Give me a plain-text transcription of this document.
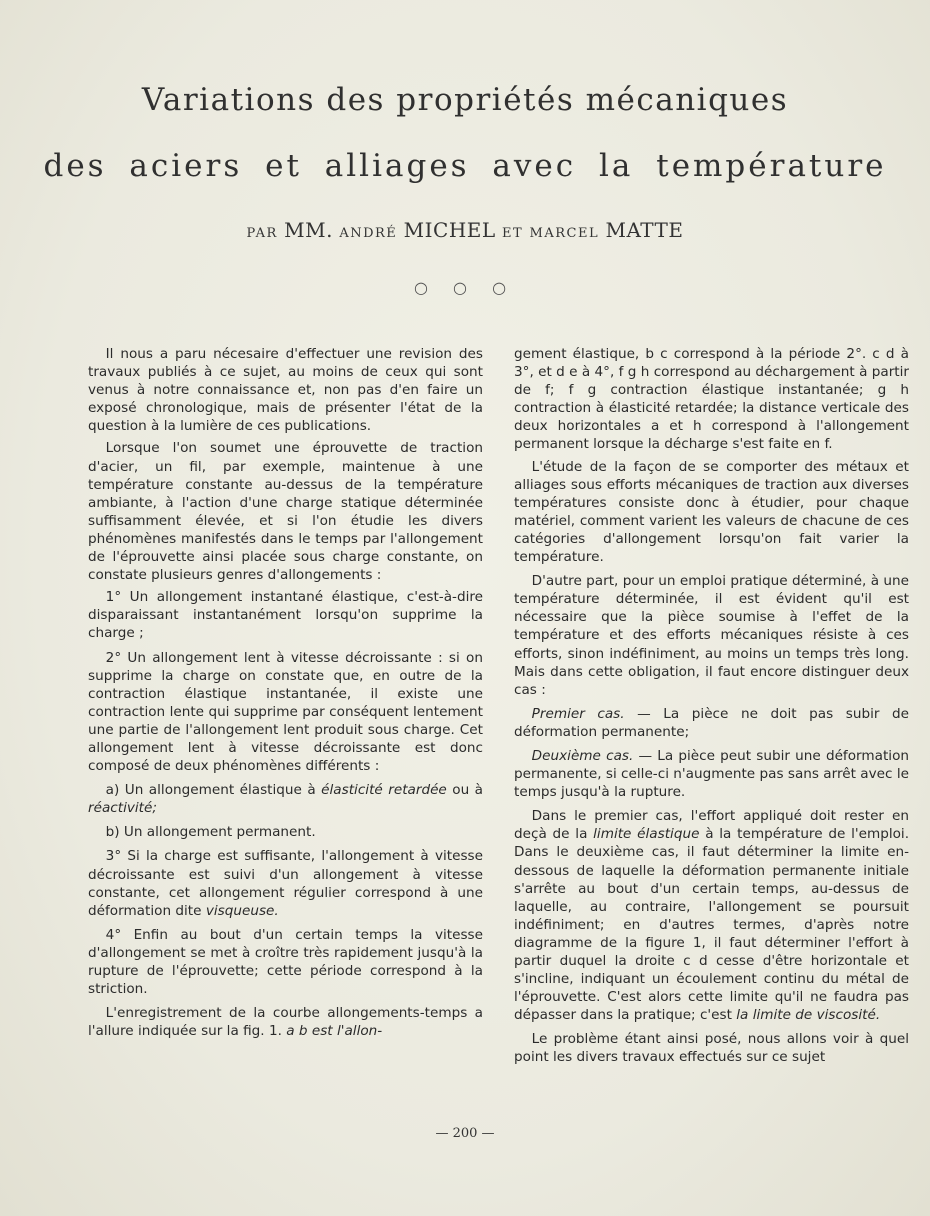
Variations des propriétés mécaniques
des aciers et alliages avec la température
PAR MM. ANDRÉ MICHEL ET MARCEL MATTE
○ ○ ○

Il nous a paru nécesaire d'effectuer une revision des travaux publiés à ce sujet, au moins de ceux qui sont venus à notre connaissance et, non pas d'en faire un exposé chronologique, mais de présenter l'état de la question à la lumière de ces publications.

Lorsque l'on soumet une éprouvette de traction d'acier, un fil, par exemple, maintenue à une température constante au-dessus de la température ambiante, à l'action d'une charge statique déterminée suffisamment élevée, et si l'on étudie les divers phénomènes manifestés dans le temps par l'allongement de l'éprouvette ainsi placée sous charge constante, on constate plusieurs genres d'allongements :

1° Un allongement instantané élastique, c'est-à-dire disparaissant instantanément lorsqu'on supprime la charge ;

2° Un allongement lent à vitesse décroissante : si on supprime la charge on constate que, en outre de la contraction élastique instantanée, il existe une contraction lente qui supprime par conséquent lentement une partie de l'allongement lent produit sous charge. Cet allongement lent à vitesse décroissante est donc composé de deux phénomènes différents :

a) Un allongement élastique à élasticité retardée ou à réactivité;

b) Un allongement permanent.

3° Si la charge est suffisante, l'allongement à vitesse décroissante est suivi d'un allongement à vitesse constante, cet allongement régulier correspond à une déformation dite visqueuse.

4° Enfin au bout d'un certain temps la vitesse d'allongement se met à croître très rapidement jusqu'à la rupture de l'éprouvette; cette période correspond à la striction.

L'enregistrement de la courbe allongements-temps a l'allure indiquée sur la fig. 1. a b est l'allon-

gement élastique, b c correspond à la période 2°. c d à 3°, et d e à 4°, f g h correspond au déchargement à partir de f; f g contraction élastique instantanée; g h contraction à élasticité retardée; la distance verticale des deux horizontales a et h correspond à l'allongement permanent lorsque la décharge s'est faite en f.

L'étude de la façon de se comporter des métaux et alliages sous efforts mécaniques de traction aux diverses températures consiste donc à étudier, pour chaque matériel, comment varient les valeurs de chacune de ces catégories d'allongement lorsqu'on fait varier la température.

D'autre part, pour un emploi pratique déterminé, à une température déterminée, il est évident qu'il est nécessaire que la pièce soumise à l'effet de la température et des efforts mécaniques résiste à ces efforts, sinon indéfiniment, au moins un temps très long. Mais dans cette obligation, il faut encore distinguer deux cas :

Premier cas. — La pièce ne doit pas subir de déformation permanente;

Deuxième cas. — La pièce peut subir une déformation permanente, si celle-ci n'augmente pas sans arrêt avec le temps jusqu'à la rupture.

Dans le premier cas, l'effort appliqué doit rester en deçà de la limite élastique à la température de l'emploi. Dans le deuxième cas, il faut déterminer la limite en-dessous de laquelle la déformation permanente initiale s'arrête au bout d'un certain temps, au-dessus de laquelle, au contraire, l'allongement se poursuit indéfiniment; en d'autres termes, d'après notre diagramme de la figure 1, il faut déterminer l'effort à partir duquel la droite c d cesse d'être horizontale et s'incline, indiquant un écoulement continu du métal de l'éprouvette. C'est alors cette limite qu'il ne faudra pas dépasser dans la pratique; c'est la limite de viscosité.

Le problème étant ainsi posé, nous allons voir à quel point les divers travaux effectués sur ce sujet

— 200 —
